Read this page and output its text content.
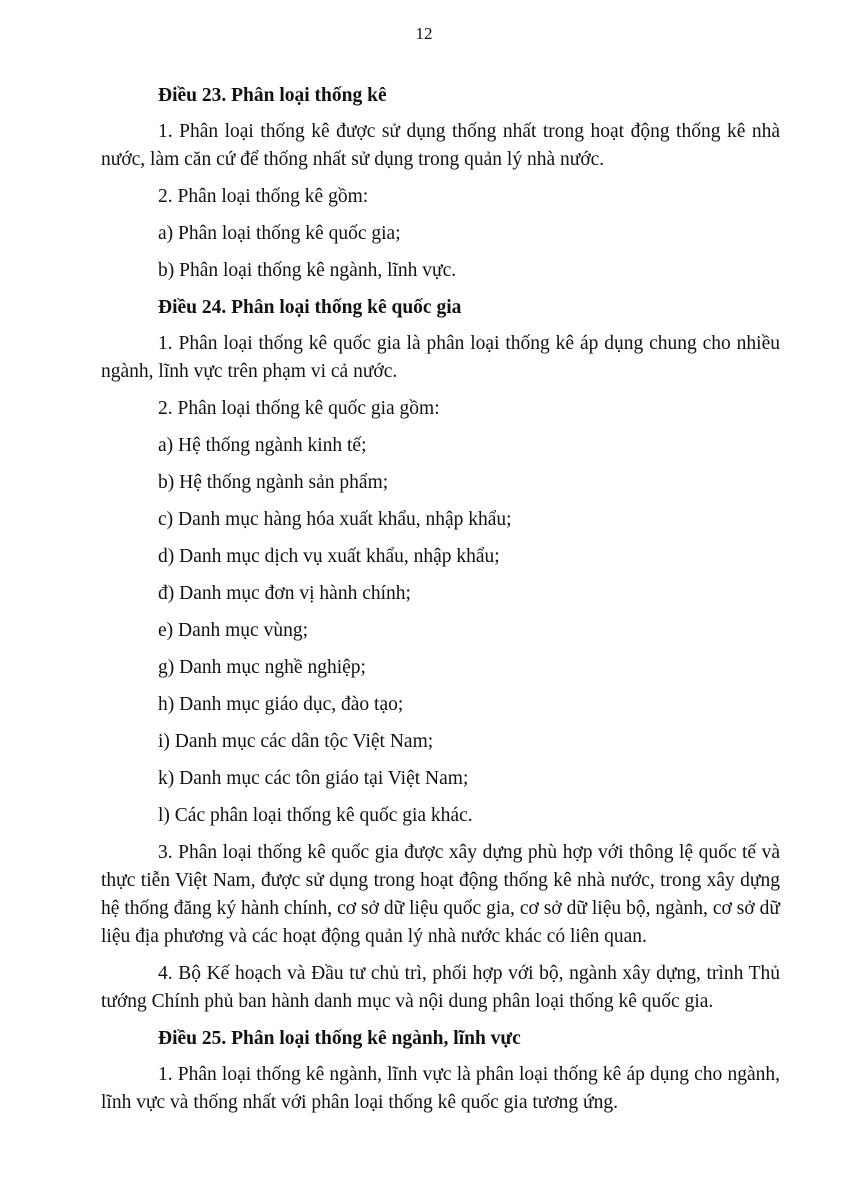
12
Điều 23. Phân loại thống kê
1. Phân loại thống kê được sử dụng thống nhất trong hoạt động thống kê nhà nước, làm căn cứ để thống nhất sử dụng trong quản lý nhà nước.
2. Phân loại thống kê gồm:
a) Phân loại thống kê quốc gia;
b) Phân loại thống kê ngành, lĩnh vực.
Điều 24. Phân loại thống kê quốc gia
1. Phân loại thống kê quốc gia là phân loại thống kê áp dụng chung cho nhiều ngành, lĩnh vực trên phạm vi cả nước.
2. Phân loại thống kê quốc gia gồm:
a) Hệ thống ngành kinh tế;
b) Hệ thống ngành sản phẩm;
c) Danh mục hàng hóa xuất khẩu, nhập khẩu;
d) Danh mục dịch vụ xuất khẩu, nhập khẩu;
đ) Danh mục đơn vị hành chính;
e) Danh mục vùng;
g) Danh mục nghề nghiệp;
h) Danh mục giáo dục, đào tạo;
i) Danh mục các dân tộc Việt Nam;
k) Danh mục các tôn giáo tại Việt Nam;
l) Các phân loại thống kê quốc gia khác.
3. Phân loại thống kê quốc gia được xây dựng phù hợp với thông lệ quốc tế và thực tiễn Việt Nam, được sử dụng trong hoạt động thống kê nhà nước, trong xây dựng hệ thống đăng ký hành chính, cơ sở dữ liệu quốc gia, cơ sở dữ liệu bộ, ngành, cơ sở dữ liệu địa phương và các hoạt động quản lý nhà nước khác có liên quan.
4. Bộ Kế hoạch và Đầu tư chủ trì, phối hợp với bộ, ngành xây dựng, trình Thủ tướng Chính phủ ban hành danh mục và nội dung phân loại thống kê quốc gia.
Điều 25. Phân loại thống kê ngành, lĩnh vực
1. Phân loại thống kê ngành, lĩnh vực là phân loại thống kê áp dụng cho ngành, lĩnh vực và thống nhất với phân loại thống kê quốc gia tương ứng.
